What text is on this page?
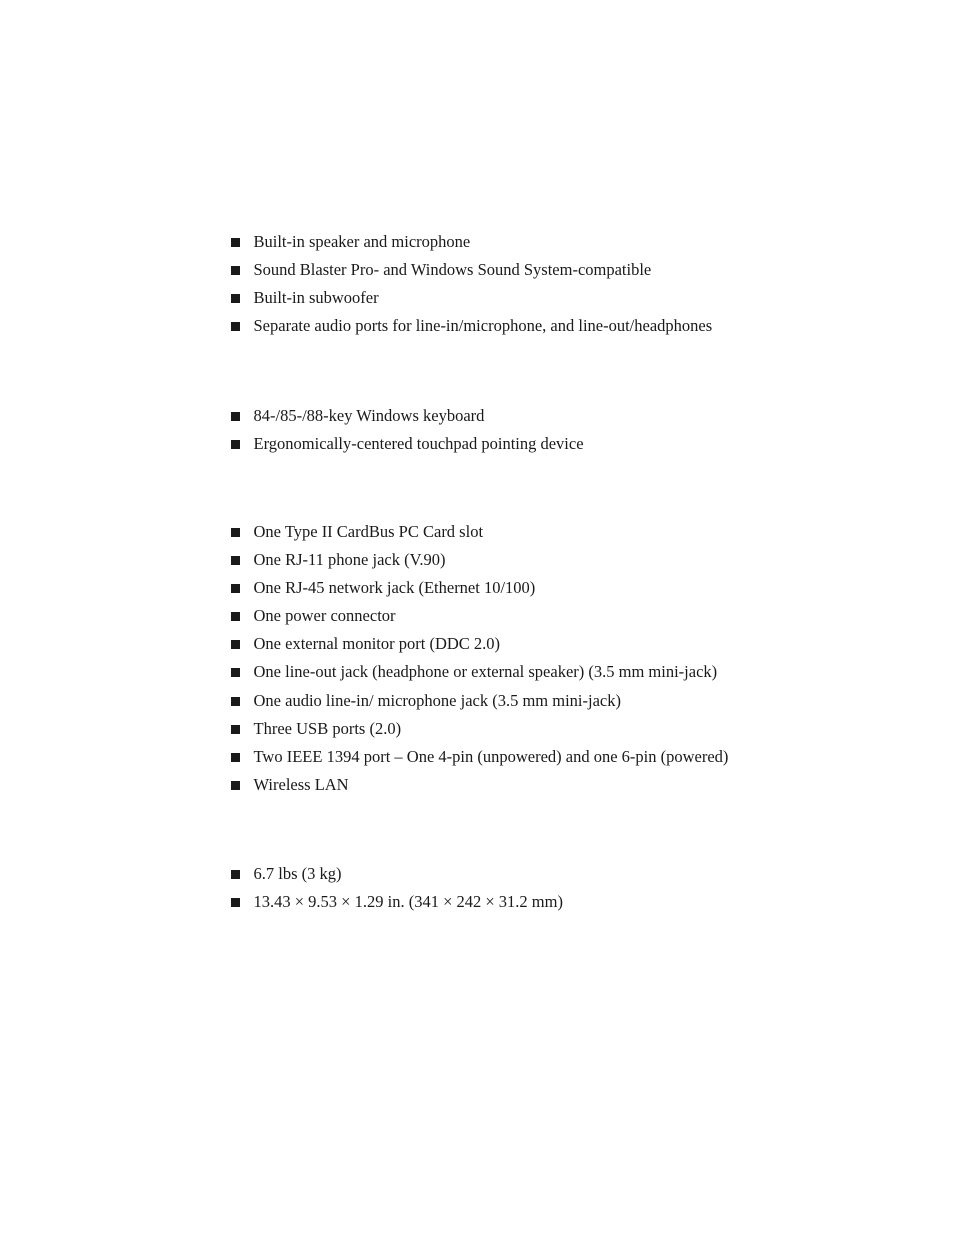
Built-in speaker and microphone
Sound Blaster Pro- and Windows Sound System-compatible
Built-in subwoofer
Separate audio ports for line-in/microphone, and line-out/headphones
84-/85-/88-key Windows keyboard
Ergonomically-centered touchpad pointing device
One Type II CardBus PC Card slot
One RJ-11 phone jack (V.90)
One RJ-45 network jack (Ethernet 10/100)
One power connector
One external monitor port (DDC 2.0)
One line-out jack (headphone or external speaker) (3.5 mm mini-jack)
One audio line-in/ microphone jack (3.5 mm mini-jack)
Three USB ports (2.0)
Two IEEE 1394 port – One 4-pin (unpowered) and one 6-pin (powered)
Wireless LAN
6.7 lbs (3 kg)
13.43 × 9.53 × 1.29 in. (341 × 242 × 31.2 mm)
